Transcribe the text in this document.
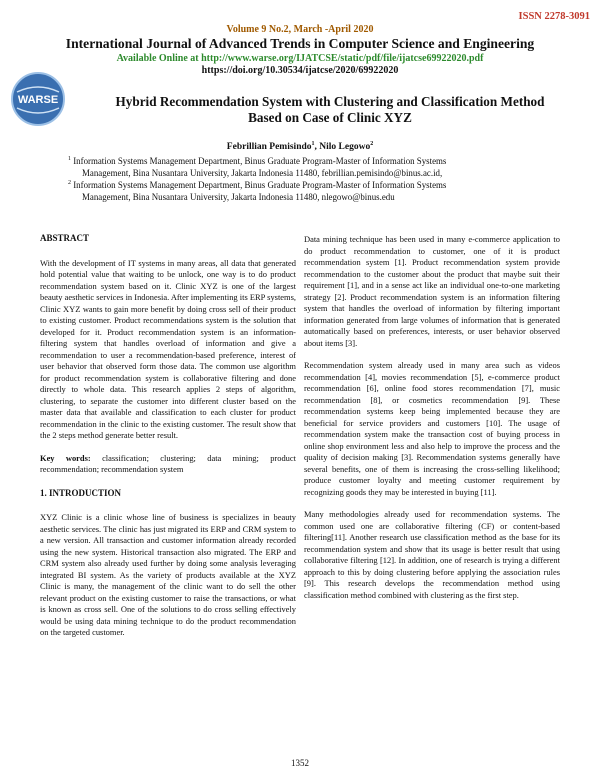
ISSN 2278-3091
Volume 9 No.2, March -April 2020
International Journal of Advanced Trends in Computer Science and Engineering
Available Online at http://www.warse.org/IJATCSE/static/pdf/file/ijatcse69922020.pdf
https://doi.org/10.30534/ijatcse/2020/69922020
WARSE	Hybrid Recommendation System with Clustering and Classification Method
Based on Case of Clinic XYZ
Febrillian Pemisindo$^1$, Nilo Legowo$^2$
$^1$ Information Systems Management Department, Binus Graduate Program-Master of Information Systems
Management, Bina Nusantara University, Jakarta Indonesia 11480, febrillian.pemisindo@binus.ac.id,
$^2$ Information Systems Management Department, Binus Graduate Program-Master of Information Systems
Management, Bina Nusantara University, Jakarta Indonesia 11480, nlegowo@binus.edu

ABSTRACT

With the development of IT systems in many areas, all data that generated hold potential value that waiting to be unlock, one way is to do product recommendation system based on it. Clinic XYZ is one of the largest beauty aesthetic services in Indonesia. After implementing its ERP systems, Clinic XYZ wants to gain more benefit by doing cross sell of their product to existing customer. Product recommendations system is the solution that developed for it. Product recommendation system is an information-filtering system that handles overload of information and give a recommendation to user a recommendation-based preference, interest of user behavior that observed form those data. The common use algorithm for product recommendation system is collaborative filtering and done directly to whole data. This research applies 2 steps of algorithm, clustering, to separate the customer into different cluster based on the master data that available and classification to each cluster for product recommendation in the clinic to the existing customer. The result show that the 2 steps method generate better result.

Key words: classification; clustering; data mining; product recommendation; recommendation system

1. INTRODUCTION

XYZ Clinic is a clinic whose line of business is specializes in beauty aesthetic services. The clinic has just migrated its ERP and CRM system to a new version. All transaction and customer information already recorded using the new system. Historical transaction also migrated. The ERP and CRM system also already used further by doing some analysis leveraging integrated BI system. As the variety of products available at the XYZ Clinic is many, the management of the clinic want to do sell the other relevant product on the existing customer to raise the transactions, or what is known as cross sell. One of the solutions to do cross selling effectively would be using data mining technique to do the product recommendation on the targeted customer.

Data mining technique has been used in many e-commerce application to do product recommendation to customer, one of it is product recommendation system [1]. Product recommendation system provide recommendation to the customer about the product that maybe suit their requirement [1], and in a sense act like an individual one-to-one marketing strategy [2]. Product recommendation system is an information filtering system that handles the overload of information by filtering important information generated from large volumes of information that is generated automatically based on preferences, interests, or user behavior observed about items [3].

Recommendation system already used in many area such as videos recommendation [4], movies recommendation [5], e-commerce product recommendation [6], online food stores recommendation [7], music recommendation [8], or cosmetics recommendation [9]. These recommendation systems keep being implemented because they are beneficial for service providers and customers [10]. The usage of recommendation system make the transaction cost of buying process in online shop environment less and also help to improve the process and the quality of decision making [3]. Recommendation systems generally have several benefits, one of them is increasing the cross-selling likelihood; produce customer loyalty and meeting customer requirement by recognizing goods they may be interested in buying [11].

Many methodologies already used for recommendation systems. The common used one are collaborative filtering (CF) or content-based filtering[11]. Another research use classification method as the base for its recommendation system and show that its usage is better result that using collaborative filtering [12]. In addition, one of research is trying a different approach to this by doing clustering before applying the association rules [9]. This research develops the recommendation method using classification method combined with clustering as the first step.

1352
